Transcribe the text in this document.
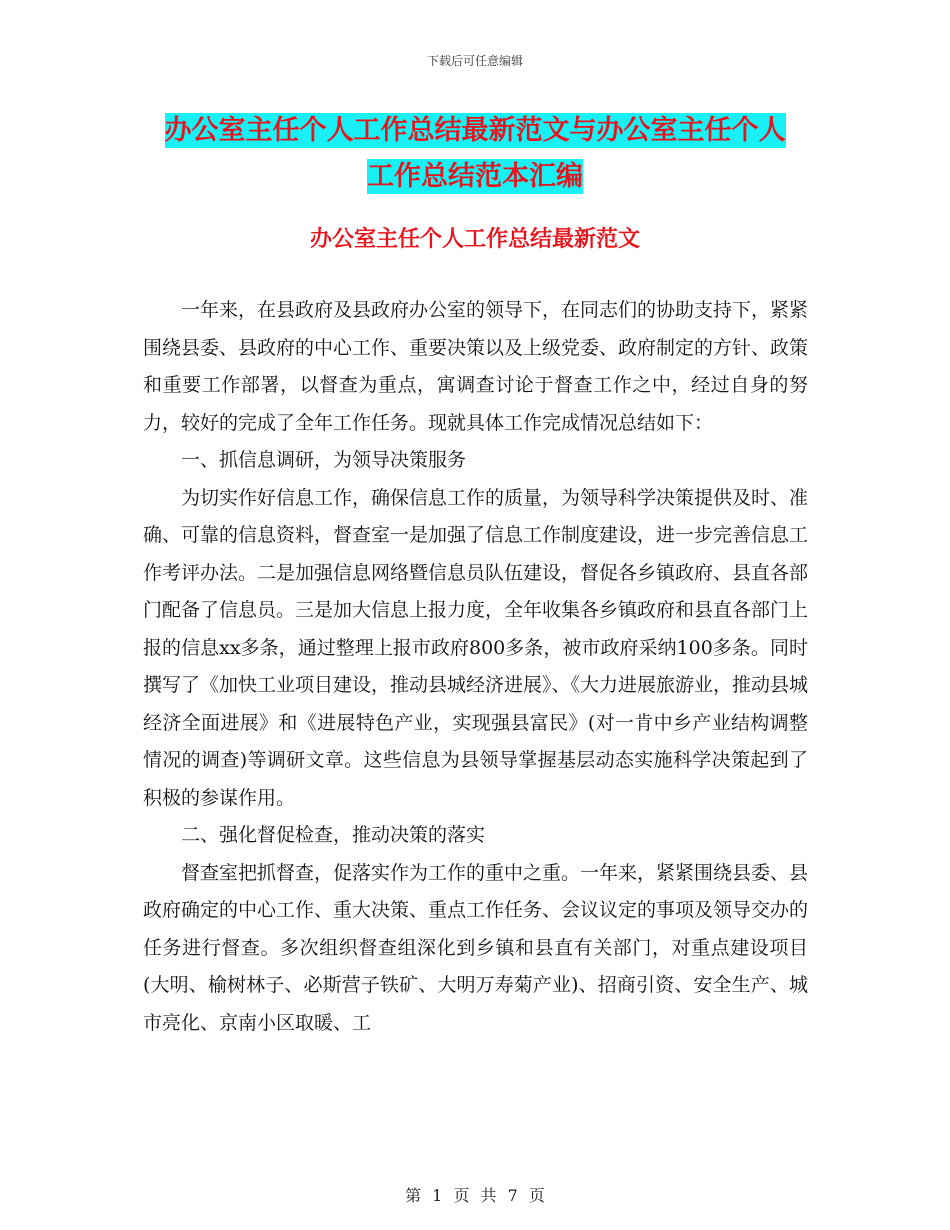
下载后可任意编辑
办公室主任个人工作总结最新范文与办公室主任个人
工作总结范本汇编
办公室主任个人工作总结最新范文

一年来，在县政府及县政府办公室的领导下，在同志们的协助支持下，紧紧围绕县委、县政府的中心工作、重要决策以及上级党委、政府制定的方针、政策和重要工作部署，以督查为重点，寓调查讨论于督查工作之中，经过自身的努力，较好的完成了全年工作任务。现就具体工作完成情况总结如下：

一、抓信息调研，为领导决策服务

为切实作好信息工作，确保信息工作的质量，为领导科学决策提供及时、准确、可靠的信息资料，督查室一是加强了信息工作制度建设，进一步完善信息工作考评办法。二是加强信息网络暨信息员队伍建设，督促各乡镇政府、县直各部门配备了信息员。三是加大信息上报力度，全年收集各乡镇政府和县直各部门上报的信息xx多条，通过整理上报市政府800多条，被市政府采纳100多条。同时撰写了《加快工业项目建设，推动县城经济进展》、《大力进展旅游业，推动县城经济全面进展》和《进展特色产业，实现强县富民》(对一肯中乡产业结构调整情况的调查)等调研文章。这些信息为县领导掌握基层动态实施科学决策起到了积极的参谋作用。

二、强化督促检查，推动决策的落实

督查室把抓督查，促落实作为工作的重中之重。一年来，紧紧围绕县委、县政府确定的中心工作、重大决策、重点工作任务、会议议定的事项及领导交办的任务进行督查。多次组织督查组深化到乡镇和县直有关部门，对重点建设项目(大明、榆树林子、必斯营子铁矿、大明万寿菊产业)、招商引资、安全生产、城市亮化、京南小区取暖、工

第 1 页 共 7 页
